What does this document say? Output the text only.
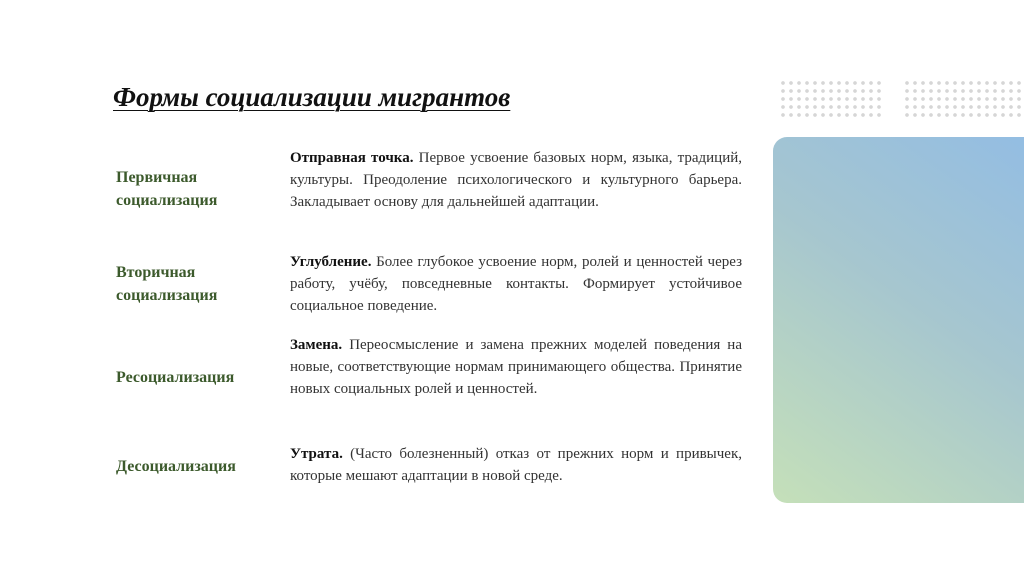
Формы социализации мигрантов
Первичная социализация
Отправная точка. Первое усвоение базовых норм, языка, традиций, культуры. Преодоление психологического и культурного барьера. Закладывает основу для дальнейшей адаптации.
Вторичная социализация
Углубление. Более глубокое усвоение норм, ролей и ценностей через работу, учёбу, повседневные контакты. Формирует устойчивое социальное поведение.
Ресоциализация
Замена. Переосмысление и замена прежних моделей поведения на новые, соответствующие нормам принимающего общества. Принятие новых социальных ролей и ценностей.
Десоциализация
Утрата. (Часто болезненный) отказ от прежних норм и привычек, которые мешают адаптации в новой среде.
